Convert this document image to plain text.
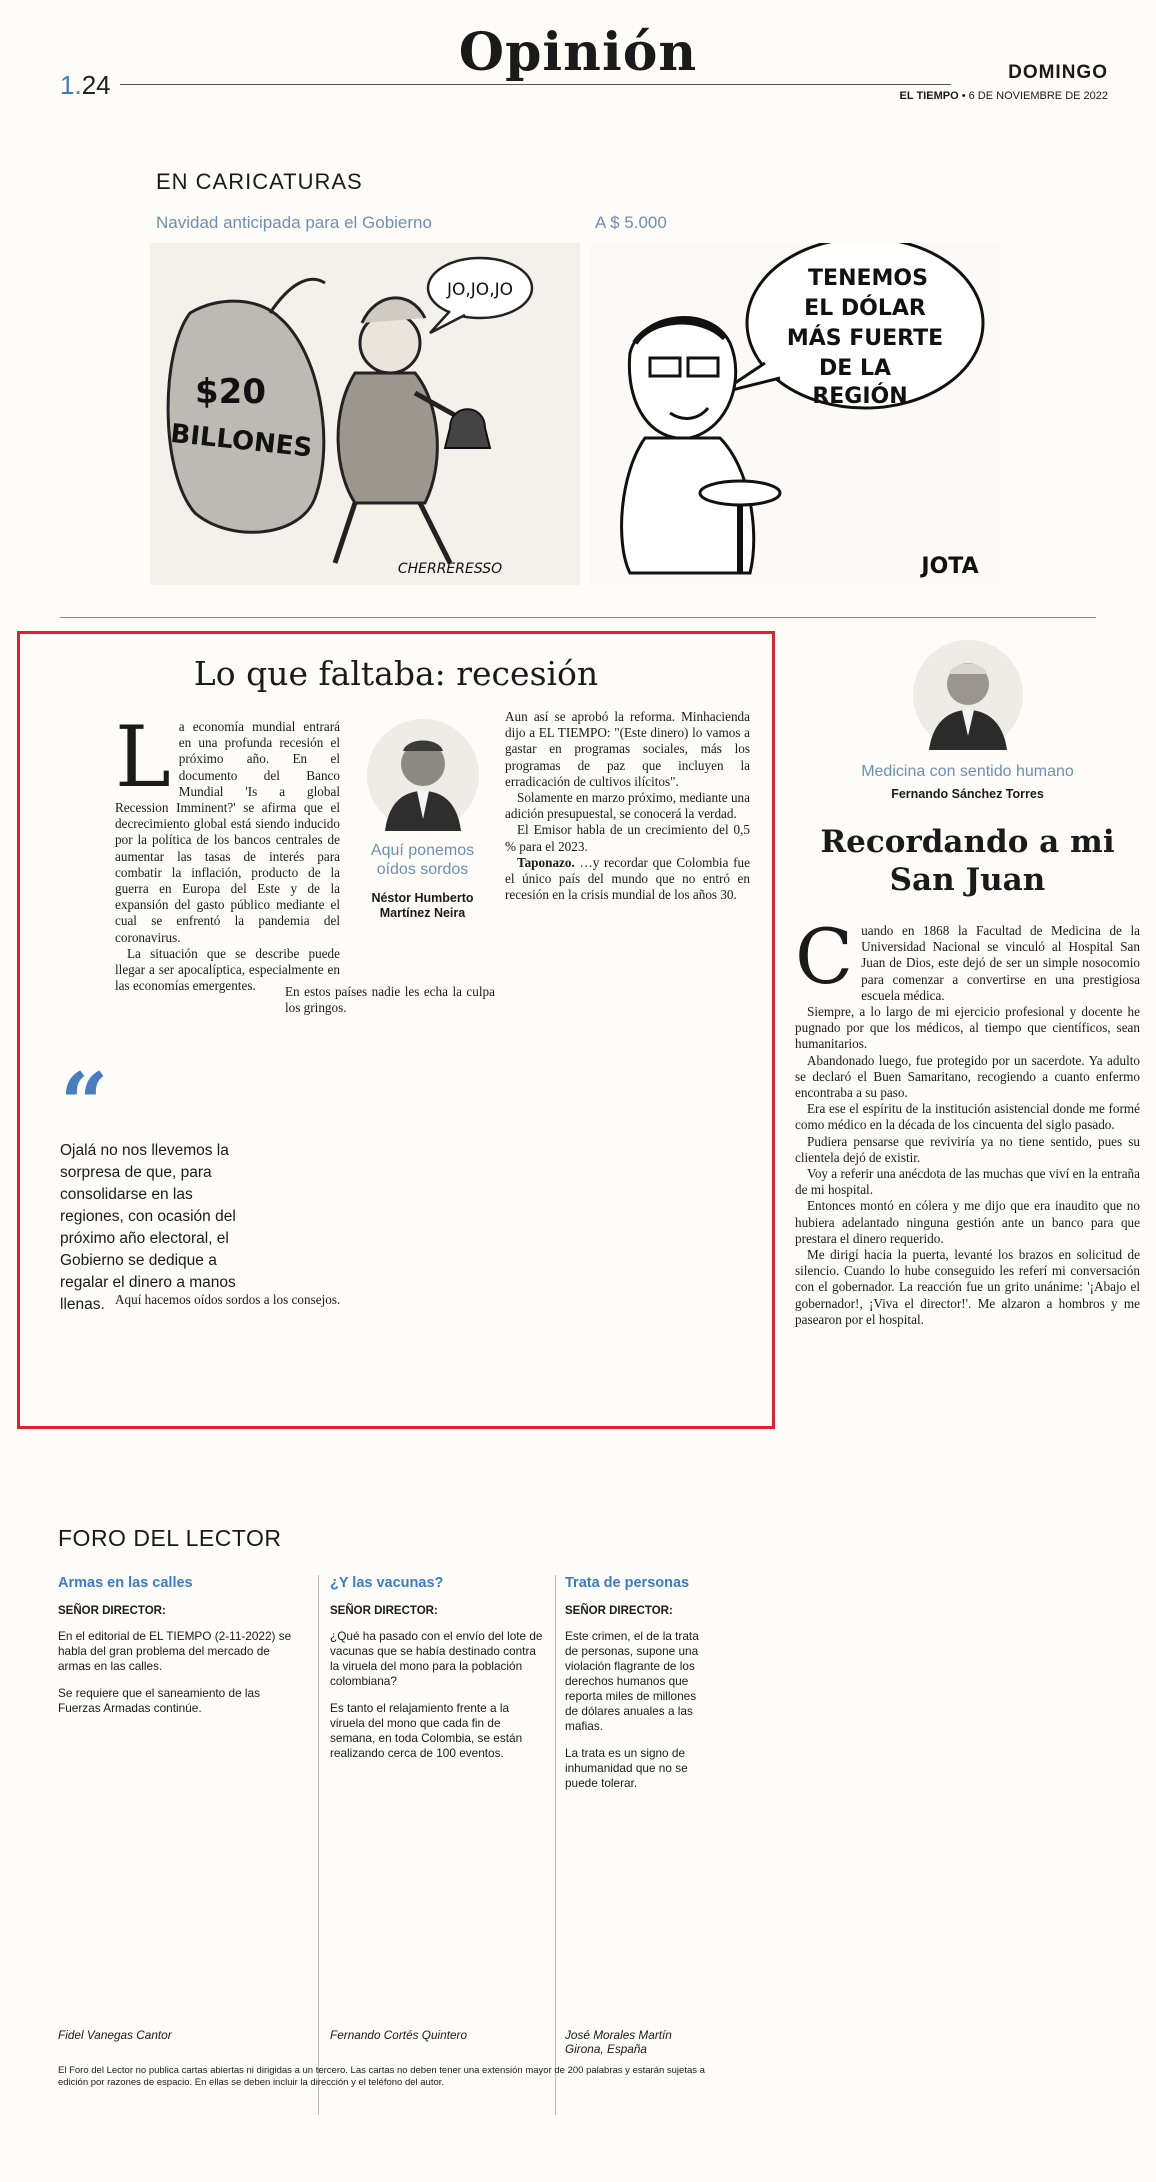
1.24
Opinión	DOMINGO
EL TIEMPO • 6 DE NOVIEMBRE DE 2022
EN CARICATURAS
Navidad anticipada para el Gobierno	A $ 5.000
$20
BILLONES
JO,JO,JO
CHERRERESSO
TENEMOS
EL DÓLAR
MÁS FUERTE
DE LA
REGIÓN
JOTA
Lo que faltaba: recesión
L a economía mundial entrará en una profunda recesión el próximo año. En el documento del Banco Mundial 'Is a global Recession Imminent?' se afirma que el decrecimiento global está siendo inducido por la política de los bancos centrales de aumentar las tasas de interés para combatir la inflación, producto de la guerra en Europa del Este y de la expansión del gasto público mediante el cual se enfrentó la pandemia del coronavirus.

La situación que se describe puede llegar a ser apocalíptica, especialmente en las economías emergentes.

Aquí ponemos oídos sordos
Néstor Humberto Martínez Neira

En estos países nadie les echa la culpa los gringos.

“
Ojalá no nos llevemos la sorpresa de que, para consolidarse en las regiones, con ocasión del próximo año electoral, el Gobierno se dedique a regalar el dinero a manos llenas. Aquí hacemos oídos sordos a los consejos.

Aun así se aprobó la reforma. Minhacienda dijo a EL TIEMPO: "(Este dinero) lo vamos a gastar en programas sociales, más los programas de paz que incluyen la erradicación de cultivos ilícitos".

Solamente en marzo próximo, mediante una adición presupuestal, se conocerá la verdad.

El Emisor habla de un crecimiento del 0,5 % para el 2023.

Taponazo. …y recordar que Colombia fue el único país del mundo que no entró en recesión en la crisis mundial de los años 30.

Medicina con sentido humano
Fernando Sánchez Torres
Recordando a mi San Juan
C uando en 1868 la Facultad de Medicina de la Universidad Nacional se vinculó al Hospital San Juan de Dios, este dejó de ser un simple nosocomio para comenzar a convertirse en una prestigiosa escuela médica.

Siempre, a lo largo de mi ejercicio profesional y docente he pugnado por que los médicos, al tiempo que científicos, sean humanitarios.

Abandonado luego, fue protegido por un sacerdote. Ya adulto se declaró el Buen Samaritano, recogiendo a cuanto enfermo encontraba a su paso.

Era ese el espíritu de la institución asistencial donde me formé como médico en la década de los cincuenta del siglo pasado.

Pudiera pensarse que reviviría ya no tiene sentido, pues su clientela dejó de existir.

Voy a referir una anécdota de las muchas que viví en la entraña de mi hospital.

Entonces montó en cólera y me dijo que era inaudito que no hubiera adelantado ninguna gestión ante un banco para que prestara el dinero requerido.

Me dirigí hacia la puerta, levanté los brazos en solicitud de silencio. Cuando lo hube conseguido les referí mi conversación con el gobernador. La reacción fue un grito unánime: '¡Abajo el gobernador!, ¡Viva el director!'. Me alzaron a hombros y me pasearon por el hospital.

FORO DEL LECTOR
Armas en las calles
SEÑOR DIRECTOR:
En el editorial de EL TIEMPO (2-11-2022) se habla del gran problema del mercado de armas en las calles.
Se requiere que el saneamiento de las Fuerzas Armadas continúe.
Fidel Vanegas Cantor
¿Y las vacunas?
SEÑOR DIRECTOR:
¿Qué ha pasado con el envío del lote de vacunas que se había destinado contra la viruela del mono para la población colombiana?
Es tanto el relajamiento frente a la viruela del mono que cada fin de semana, en toda Colombia, se están realizando cerca de 100 eventos.
Fernando Cortés Quintero
Trata de personas
SEÑOR DIRECTOR:
Este crimen, el de la trata de personas, supone una violación flagrante de los derechos humanos que reporta miles de millones de dólares anuales a las mafias.
La trata es un signo de inhumanidad que no se puede tolerar.
José Morales Martín Girona, España
El Foro del Lector no publica cartas abiertas ni dirigidas a un tercero. Las cartas no deben tener una extensión mayor de 200 palabras y estarán sujetas a edición por razones de espacio. En ellas se deben incluir la dirección y el teléfono del autor.
